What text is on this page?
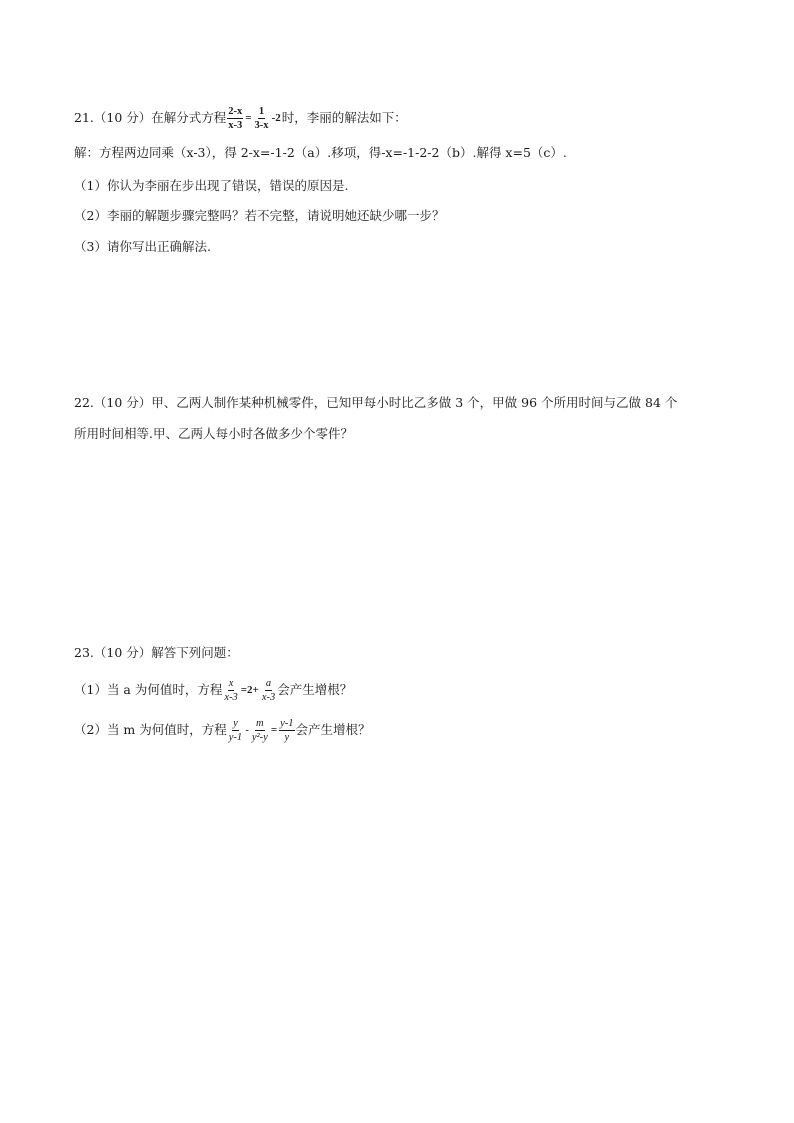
21.（10 分）在解分式方程 $\frac{2-x}{x-3} = \frac{1}{3-x} -2$ 时，李丽的解法如下：
解：方程两边同乘（x-3），得 2-x=-1-2（a）.移项，得-x=-1-2-2（b）.解得 x=5（c）.
（1）你认为李丽在步出现了错误，错误的原因是.
（2）李丽的解题步骤完整吗？若不完整，请说明她还缺少哪一步？
（3）请你写出正确解法.
22.（10 分）甲、乙两人制作某种机械零件，已知甲每小时比乙多做 3 个，甲做 96 个所用时间与乙做 84 个
所用时间相等.甲、乙两人每小时各做多少个零件？
23.（10 分）解答下列问题：
（1）当 a 为何值时，方程 $\frac{x}{x-3} =2+ \frac{a}{x-3}$ 会产生增根？
（2）当 m 为何值时，方程 $\frac{y}{y-1} - \frac{m}{\text{y²-y}} = \frac{y-1}{y}$ 会产生增根？
